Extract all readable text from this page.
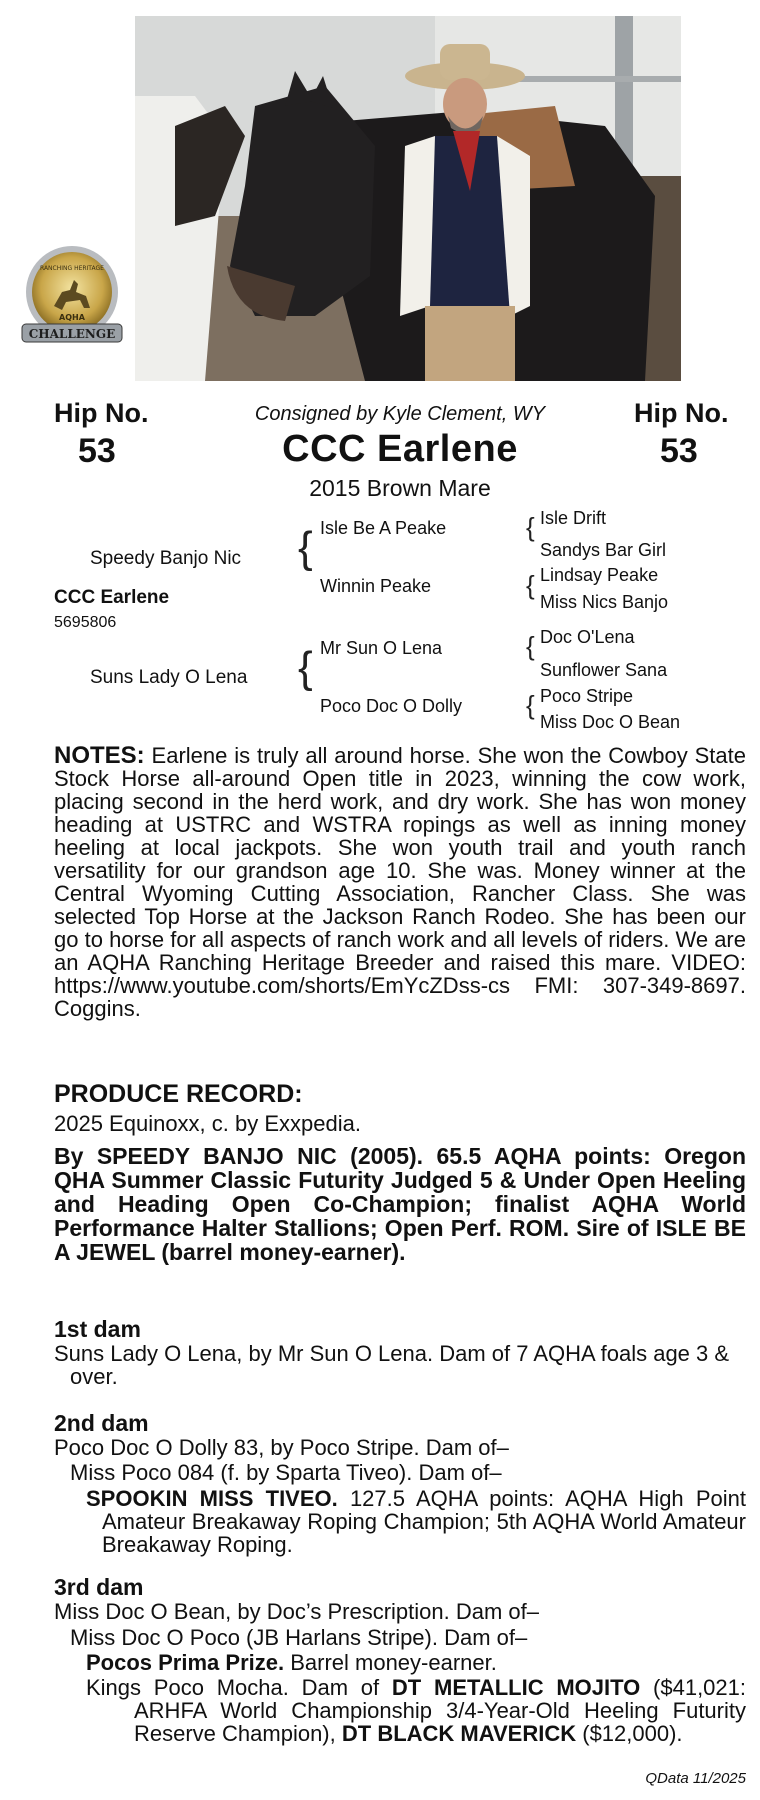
CHALLENGE
RANCHING HERITAGE
AQHA
Hip No.
53
Hip No.
53
Consigned by Kyle Clement, WY
CCC Earlene
2015 Brown Mare
Speedy Banjo Nic
CCC Earlene
5695806
Suns Lady O Lena
{ Isle Be A Peake
Winnin Peake
{ Mr Sun O Lena
Poco Doc O Dolly
{ Isle Drift
Sandys Bar Girl
{ Lindsay Peake
Miss Nics Banjo
{ Doc O'Lena
Sunflower Sana
{ Poco Stripe
Miss Doc O Bean
NOTES: Earlene is truly all around horse. She won the Cowboy State Stock Horse all-around Open title in 2023, winning the cow work, placing second in the herd work, and dry work. She has won money heading at USTRC and WSTRA ropings as well as inning money heeling at local jackpots. She won youth trail and youth ranch versatility for our grandson age 10. She was. Money winner at the Central Wyoming Cutting Association, Rancher Class. She was selected Top Horse at the Jackson Ranch Rodeo. She has been our go to horse for all aspects of ranch work and all levels of riders. We are an AQHA Ranching Heritage Breeder and raised this mare. VIDEO: https://www.youtube.com/shorts/EmYcZDss-cs FMI: 307-349-8697. Coggins.
PRODUCE RECORD:
2025 Equinoxx, c. by Exxpedia.
By SPEEDY BANJO NIC (2005). 65.5 AQHA points: Oregon QHA Summer Classic Futurity Judged 5 & Under Open Heeling and Heading Open Co-Champion; finalist AQHA World Performance Halter Stallions; Open Perf. ROM. Sire of ISLE BE A JEWEL (barrel money-earner).
1st dam
Suns Lady O Lena, by Mr Sun O Lena. Dam of 7 AQHA foals age 3 & over.
2nd dam
Poco Doc O Dolly 83, by Poco Stripe. Dam of–
Miss Poco 084 (f. by Sparta Tiveo). Dam of–
SPOOKIN MISS TIVEO. 127.5 AQHA points: AQHA High Point Amateur Breakaway Roping Champion; 5th AQHA World Amateur Breakaway Roping.
3rd dam
Miss Doc O Bean, by Doc’s Prescription. Dam of–
Miss Doc O Poco (JB Harlans Stripe). Dam of–
Pocos Prima Prize. Barrel money-earner.
Kings Poco Mocha. Dam of DT METALLIC MOJITO ($41,021: ARHFA World Championship 3/4-Year-Old Heeling Futurity Reserve Champion), DT BLACK MAVERICK ($12,000).
QData 11/2025
